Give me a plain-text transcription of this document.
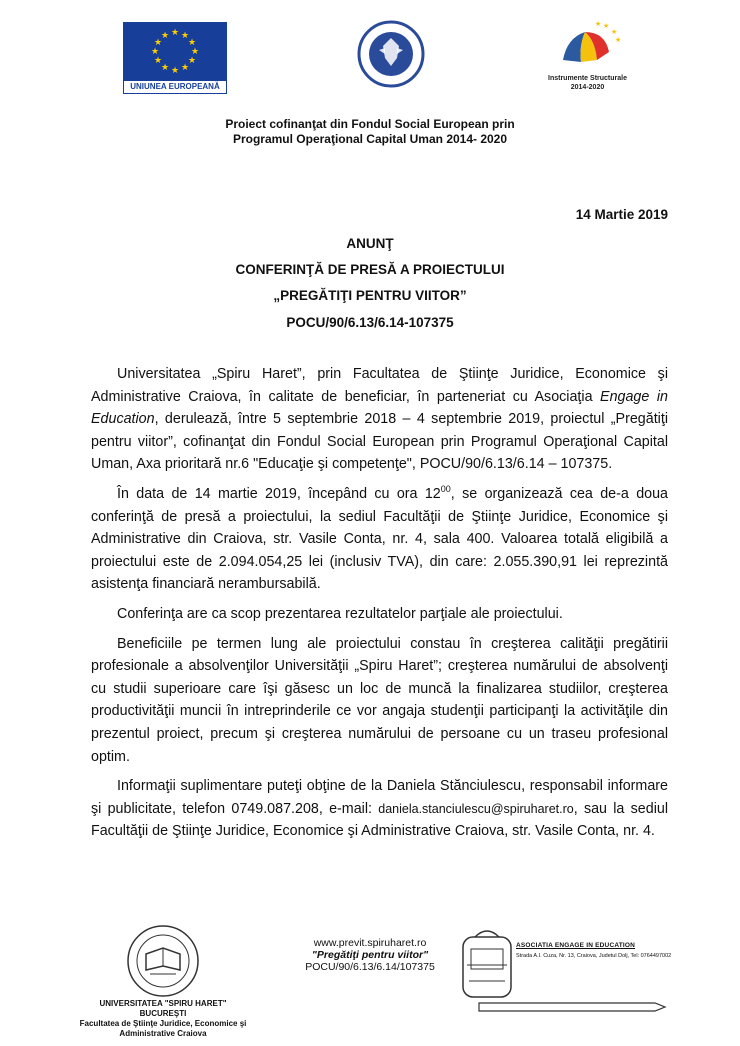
★ ★
★
★
★
★
★
★
★
★
★
★
UNIUNEA EUROPEANĂ
★
★
★
★
Instrumente Structurale
2014-2020
Proiect cofinanţat din Fondul Social European prin
Programul Operaţional Capital Uman 2014- 2020
14 Martie 2019
ANUNŢ
CONFERINŢĂ DE PRESĂ A PROIECTULUI
„PREGĂTIŢI PENTRU VIITOR”
POCU/90/6.13/6.14-107375

Universitatea „Spiru Haret”, prin Facultatea de Ştiinţe Juridice, Economice şi Administrative Craiova, în calitate de beneficiar, în parteneriat cu Asociaţia Engage in Education, derulează, între 5 septembrie 2018 – 4 septembrie 2019, proiectul „Pregătiţi pentru viitor”, cofinanţat din Fondul Social European prin Programul Operaţional Capital Uman, Axa prioritară nr.6 "Educaţie şi competenţe", POCU/90/6.13/6.14 – 107375.

În data de 14 martie 2019, începând cu ora $12^{00}$, se organizează cea de-a doua conferinţă de presă a proiectului, la sediul Facultăţii de Ştiinţe Juridice, Economice şi Administrative din Craiova, str. Vasile Conta, nr. 4, sala 400. Valoarea totală eligibilă a proiectului este de 2.094.054,25 lei (inclusiv TVA), din care: 2.055.390,91 lei reprezintă asistenţa financiară nerambursabilă.

Conferinţa are ca scop prezentarea rezultatelor parţiale ale proiectului.

Beneficiile pe termen lung ale proiectului constau în creşterea calităţii pregătirii profesionale a absolvenţilor Universităţii „Spiru Haret”; creşterea numărului de absolvenţi cu studii superioare care îşi găsesc un loc de muncă la finalizarea studiilor, creşterea productivităţii muncii în intreprinderile ce vor angaja studenţii participanţi la activităţile din prezentul proiect, precum şi creşterea numărului de persoane cu un traseu profesional optim.

Informaţii suplimentare puteţi obţine de la Daniela Stănciulescu, responsabil informare şi publicitate, telefon 0749.087.208, e-mail: daniela.stanciulescu@spiruharet.ro, sau la sediul Facultăţii de Ştiinţe Juridice, Economice şi Administrative Craiova, str. Vasile Conta, nr. 4.

UNIVERSITATEA "SPIRU HARET" BUCUREŞTI
Facultatea de Ştiinţe Juridice, Economice şi
Administrative Craiova
www.previt.spiruharet.ro
"Pregătiţi pentru viitor"
POCU/90/6.13/6.14/107375
ASOCIATIA ENGAGE IN EDUCATION
Strada A.I. Cuza, Nr. 13, Craiova, Judetul Dolj, Tel: 0764497002
